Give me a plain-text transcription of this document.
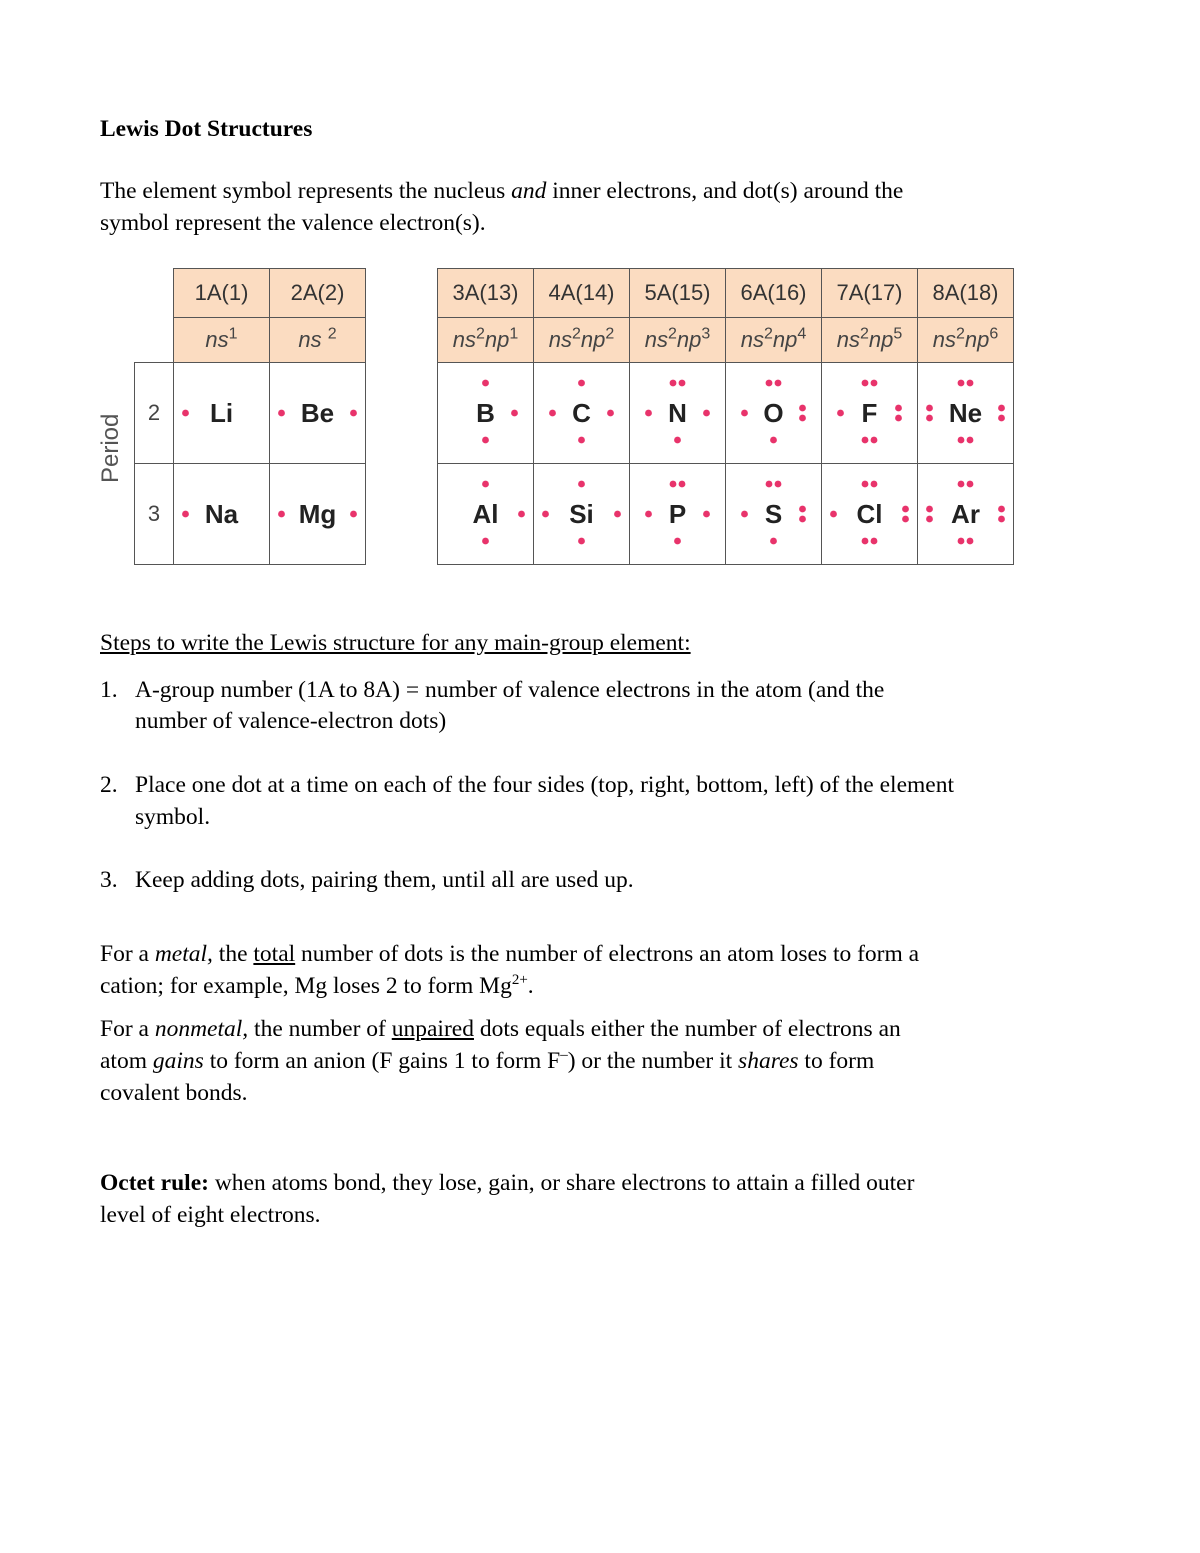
Lewis Dot Structures
The element symbol represents the nucleus and inner electrons, and dot(s) around the
symbol represent the valence electron(s).
Period
	1A(1)	2A(2)
	$ns^1$	ns $^2$
2	Li	Be

3	Na	Mg
3A(13)	4A(14)	5A(15)	6A(16)	7A(17)	8A(18)
$ns^2np^1$	$ns^2np^2$	$ns^2np^3$	$ns^2np^4$	$ns^2np^5$	$ns^2np^6$

B	C	N	O	F	Ne

Al	Si	P	S	Cl	Ar
Steps to write the Lewis structure for any main-group element:
1. A-group number (1A to 8A) = number of valence electrons in the atom (and the
number of valence-electron dots)
2. Place one dot at a time on each of the four sides (top, right, bottom, left) of the element
symbol.
3. Keep adding dots, pairing them, until all are used up.
For a metal, the total number of dots is the number of electrons an atom loses to form a
cation; for example, Mg loses 2 to form $Mg^{2+}$.
For a nonmetal, the number of unpaired dots equals either the number of electrons an
atom gains to form an anion (F gains 1 to form F–) or the number it shares to form
covalent bonds.
Octet rule: when atoms bond, they lose, gain, or share electrons to attain a filled outer
level of eight electrons.
